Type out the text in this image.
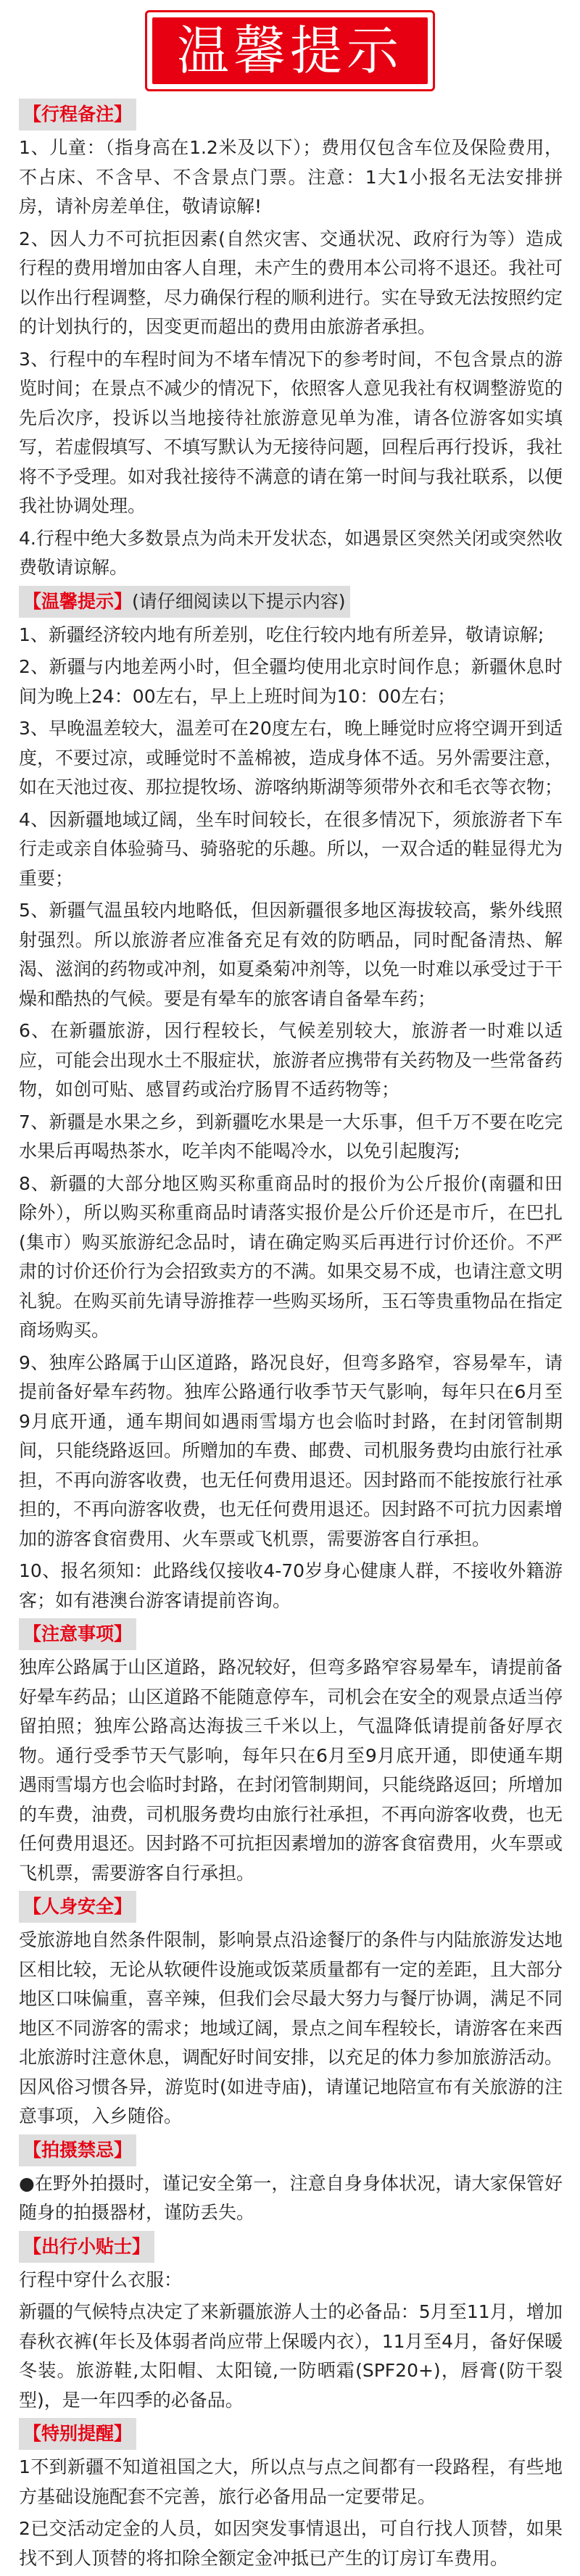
温馨提示
【行程备注】

1、儿童：（指身高在1.2米及以下）；费用仅包含车位及保险费用，不占床、不含早、不含景点门票。注意：1大1小报名无法安排拼房，请补房差单住，敬请谅解!

2、因人力不可抗拒因素(自然灾害、交通状况、政府行为等）造成行程的费用增加由客人自理，未产生的费用本公司将不退还。我社可以作出行程调整，尽力确保行程的顺利进行。实在导致无法按照约定的计划执行的，因变更而超出的费用由旅游者承担。

3、行程中的车程时间为不堵车情况下的参考时间，不包含景点的游览时间；在景点不减少的情况下，依照客人意见我社有权调整游览的先后次序，投诉以当地接待社旅游意见单为准，请各位游客如实填写，若虚假填写、不填写默认为无接待问题，回程后再行投诉，我社将不予受理。如对我社接待不满意的请在第一时间与我社联系，以便我社协调处理。

4.行程中绝大多数景点为尚未开发状态，如遇景区突然关闭或突然收费敬请谅解。

【温馨提示】(请仔细阅读以下提示内容)

1、新疆经济较内地有所差别，吃住行较内地有所差异，敬请谅解;

2、新疆与内地差两小时，但全疆均使用北京时间作息；新疆休息时间为晚上24：00左右，早上上班时间为10：00左右；

3、早晚温差较大，温差可在20度左右，晚上睡觉时应将空调开到适度，不要过凉，或睡觉时不盖棉被，造成身体不适。另外需要注意，如在天池过夜、那拉提牧场、游喀纳斯湖等须带外衣和毛衣等衣物；

4、因新疆地域辽阔，坐车时间较长，在很多情况下，须旅游者下车行走或亲自体验骑马、骑骆驼的乐趣。所以，一双合适的鞋显得尤为重要；

5、新疆气温虽较内地略低，但因新疆很多地区海拔较高，紫外线照射强烈。所以旅游者应准备充足有效的防晒品，同时配备清热、解渴、滋润的药物或冲剂，如夏桑菊冲剂等，以免一时难以承受过于干燥和酷热的气候。要是有晕车的旅客请自备晕车药；

6、在新疆旅游，因行程较长，气候差别较大，旅游者一时难以适应，可能会出现水土不服症状，旅游者应携带有关药物及一些常备药物，如创可贴、感冒药或治疗肠胃不适药物等；

7、新疆是水果之乡，到新疆吃水果是一大乐事，但千万不要在吃完水果后再喝热茶水，吃羊肉不能喝冷水，以免引起腹泻;

8、新疆的大部分地区购买称重商品时的报价为公斤报价(南疆和田除外），所以购买称重商品时请落实报价是公斤价还是市斤，在巴扎(集市）购买旅游纪念品时，请在确定购买后再进行讨价还价。不严肃的讨价还价行为会招致卖方的不满。如果交易不成，也请注意文明礼貌。在购买前先请导游推荐一些购买场所，玉石等贵重物品在指定商场购买。

9、独库公路属于山区道路，路况良好，但弯多路窄，容易晕车，请提前备好晕车药物。独库公路通行收季节天气影响，每年只在6月至9月底开通，通车期间如遇雨雪塌方也会临时封路，在封闭管制期间，只能绕路返回。所赠加的车费、邮费、司机服务费均由旅行社承担，不再向游客收费，也无任何费用退还。因封路而不能按旅行社承担的，不再向游客收费，也无任何费用退还。因封路不可抗力因素增加的游客食宿费用、火车票或飞机票，需要游客自行承担。

10、报名须知：此路线仅接收4-70岁身心健康人群，不接收外籍游客；如有港澳台游客请提前咨询。

【注意事项】

独库公路属于山区道路，路况较好，但弯多路窄容易晕车，请提前备好晕车药品；山区道路不能随意停车，司机会在安全的观景点适当停留拍照；独库公路高达海拔三千米以上，气温降低请提前备好厚衣物。通行受季节天气影响，每年只在6月至9月底开通，即使通车期遇雨雪塌方也会临时封路，在封闭管制期间，只能绕路返回；所增加的车费，油费，司机服务费均由旅行社承担，不再向游客收费，也无任何费用退还。因封路不可抗拒因素增加的游客食宿费用，火车票或飞机票，需要游客自行承担。

【人身安全】

受旅游地自然条件限制，影响景点沿途餐厅的条件与内陆旅游发达地区相比较，无论从软硬件设施或饭菜质量都有一定的差距，且大部分地区口味偏重，喜辛辣，但我们会尽最大努力与餐厅协调，满足不同地区不同游客的需求；地域辽阔，景点之间车程较长，请游客在来西北旅游时注意休息，调配好时间安排，以充足的体力参加旅游活动。因风俗习惯各异，游览时(如进寺庙)，请谨记地陪宣布有关旅游的注意事项，入乡随俗。

【拍摄禁忌】

●在野外拍摄时，谨记安全第一，注意自身身体状况，请大家保管好随身的拍摄器材，谨防丢失。

【出行小贴士】

行程中穿什么衣服：

新疆的气候特点决定了来新疆旅游人士的必备品：5月至11月，增加春秋衣裤(年长及体弱者尚应带上保暖内衣），11月至4月，备好保暖冬装。旅游鞋,太阳帽、太阳镜,一防晒霜(SPF20+)，唇膏(防干裂型)，是一年四季的必备品。

【特别提醒】

1不到新疆不知道祖国之大，所以点与点之间都有一段路程，有些地方基础设施配套不完善，旅行必备用品一定要带足。

2已交活动定金的人员，如因突发事情退出，可自行找人顶替，如果找不到人顶替的将扣除全额定金冲抵已产生的订房订车费用。
